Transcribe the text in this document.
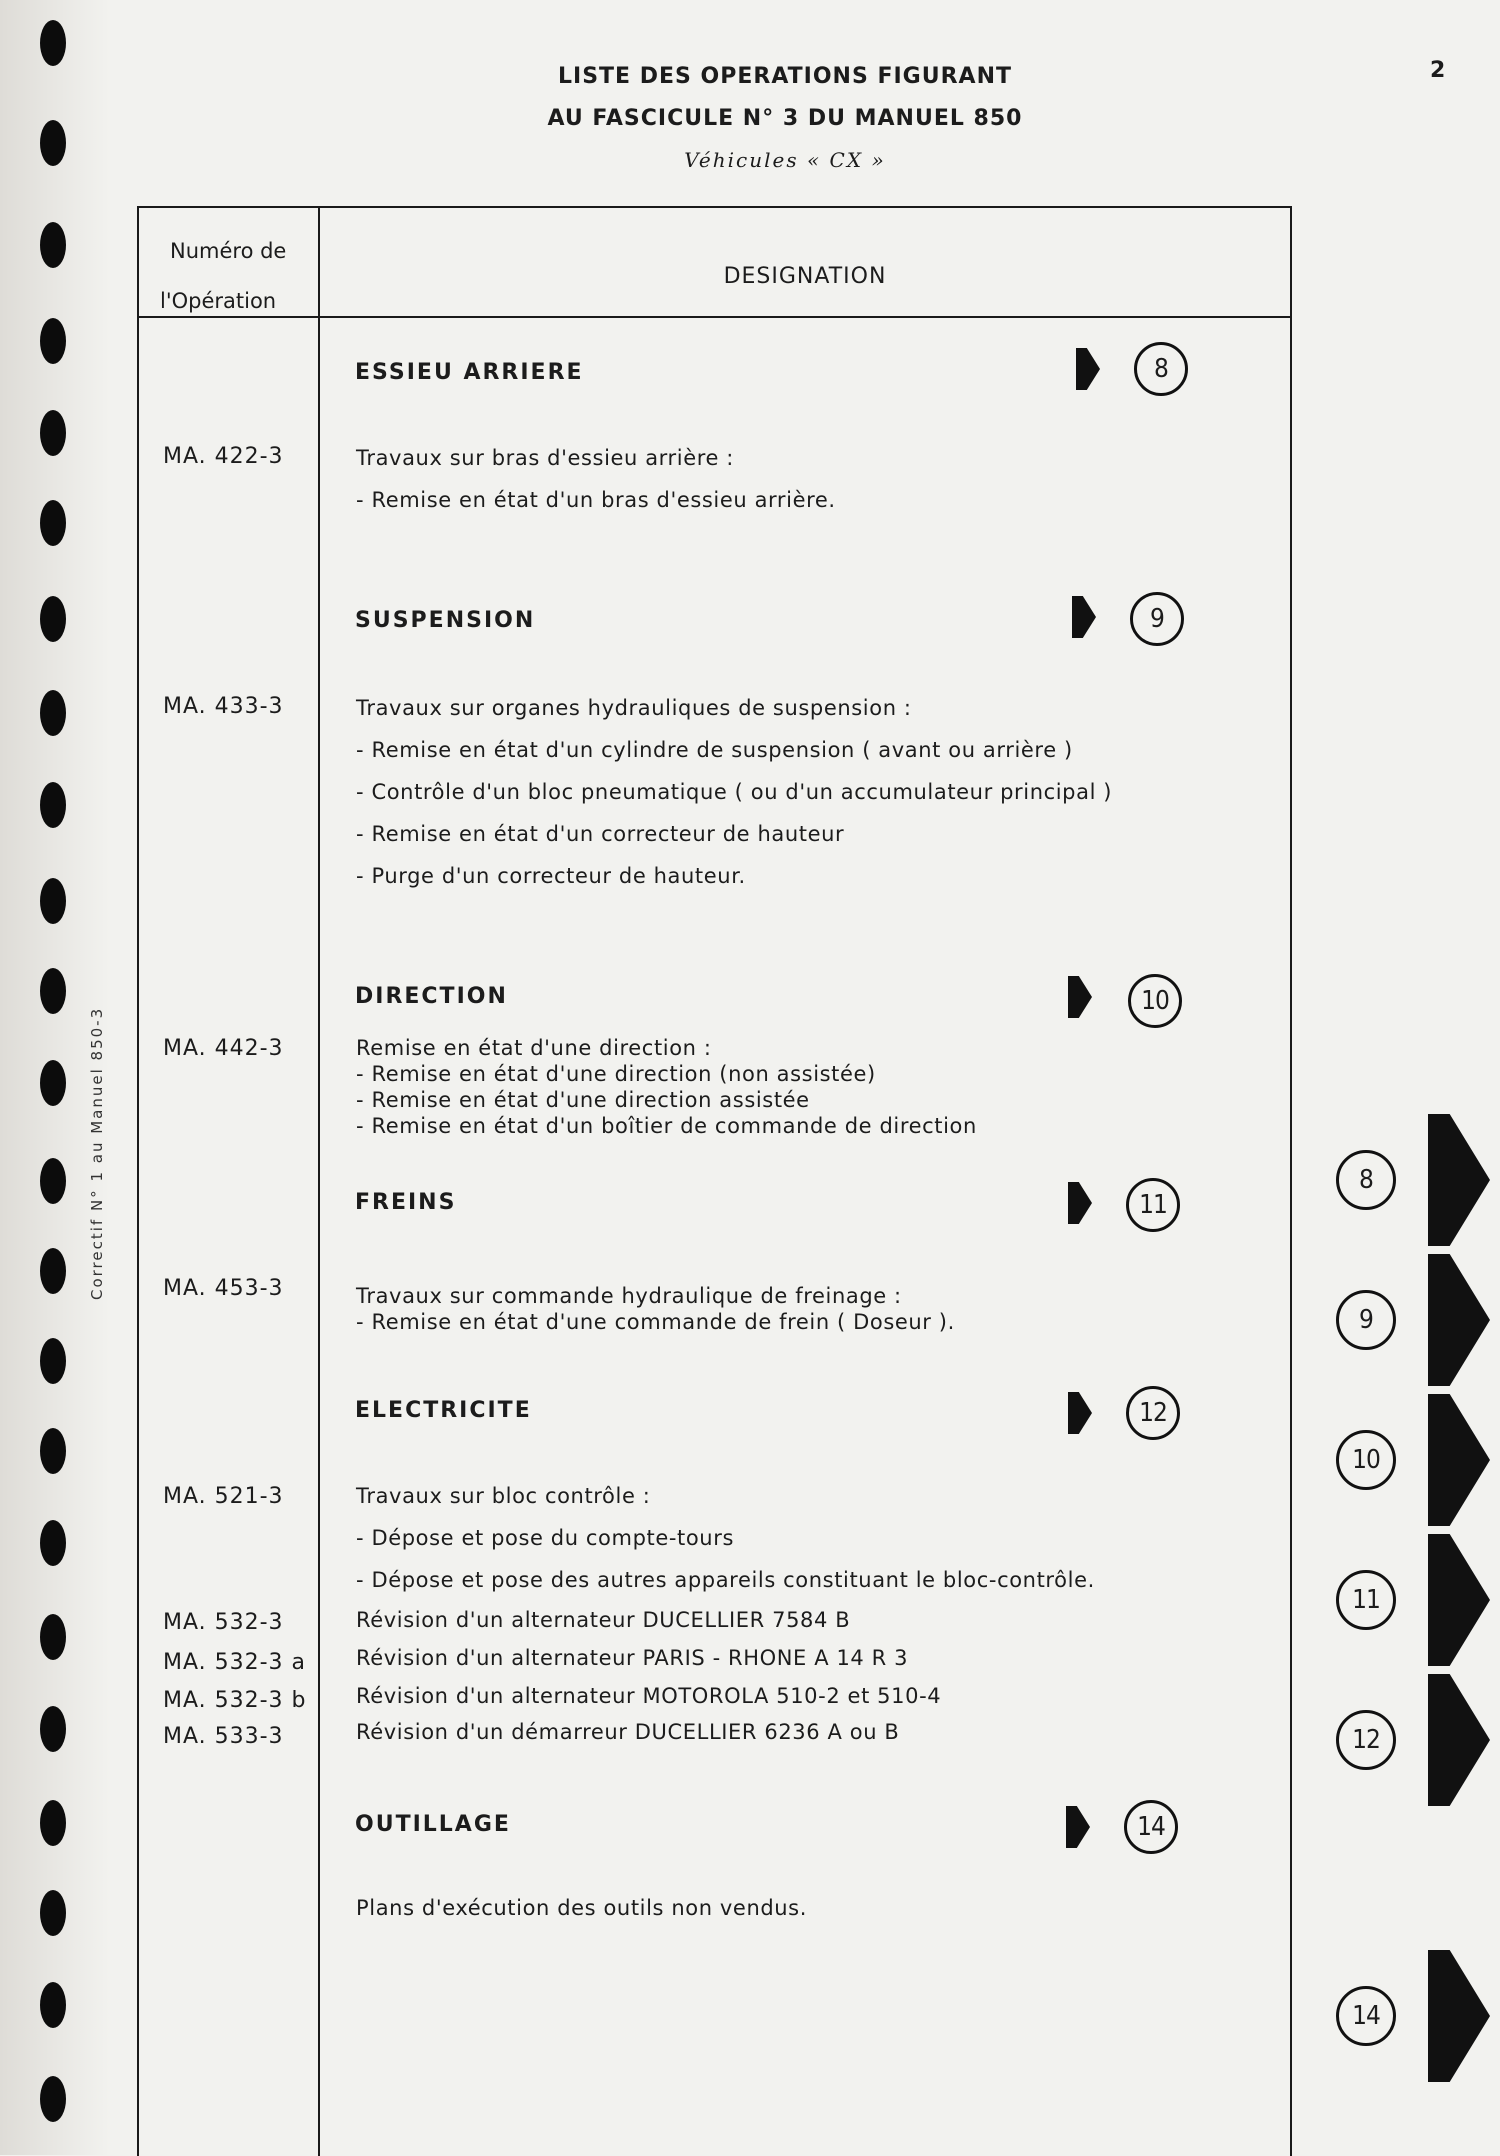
Correctif N° 1 au Manuel 850-3
2
LISTE DES OPERATIONS FIGURANT
AU FASCICULE N° 3 DU MANUEL 850
Véhicules « CX »
Numéro de
l'Opération
DESIGNATION
ESSIEU ARRIERE	8
MA. 422-3	Travaux sur bras d'essieu arrière :
- Remise en état d'un bras d'essieu arrière.
SUSPENSION	9
MA. 433-3	Travaux sur organes hydrauliques de suspension :
- Remise en état d'un cylindre de suspension ( avant ou arrière )
- Contrôle d'un bloc pneumatique ( ou d'un accumulateur principal )
- Remise en état d'un correcteur de hauteur
- Purge d'un correcteur de hauteur.
DIRECTION	10
MA. 442-3	Remise en état d'une direction :
- Remise en état d'une direction (non assistée)
- Remise en état d'une direction assistée
- Remise en état d'un boîtier de commande de direction
FREINS	11
MA. 453-3	Travaux sur commande hydraulique de freinage :
- Remise en état d'une commande de frein ( Doseur ).
ELECTRICITE	12
MA. 521-3	Travaux sur bloc contrôle :
- Dépose et pose du compte-tours
- Dépose et pose des autres appareils constituant le bloc-contrôle.
MA. 532-3	Révision d'un alternateur DUCELLIER 7584 B
MA. 532-3 a Révision d'un alternateur PARIS - RHONE A 14 R 3
MA. 532-3 b Révision d'un alternateur MOTOROLA 510-2 et 510-4
MA. 533-3	Révision d'un démarreur DUCELLIER 6236 A ou B
OUTILLAGE	14
Plans d'exécution des outils non vendus.
8
9
10
11
12
14
